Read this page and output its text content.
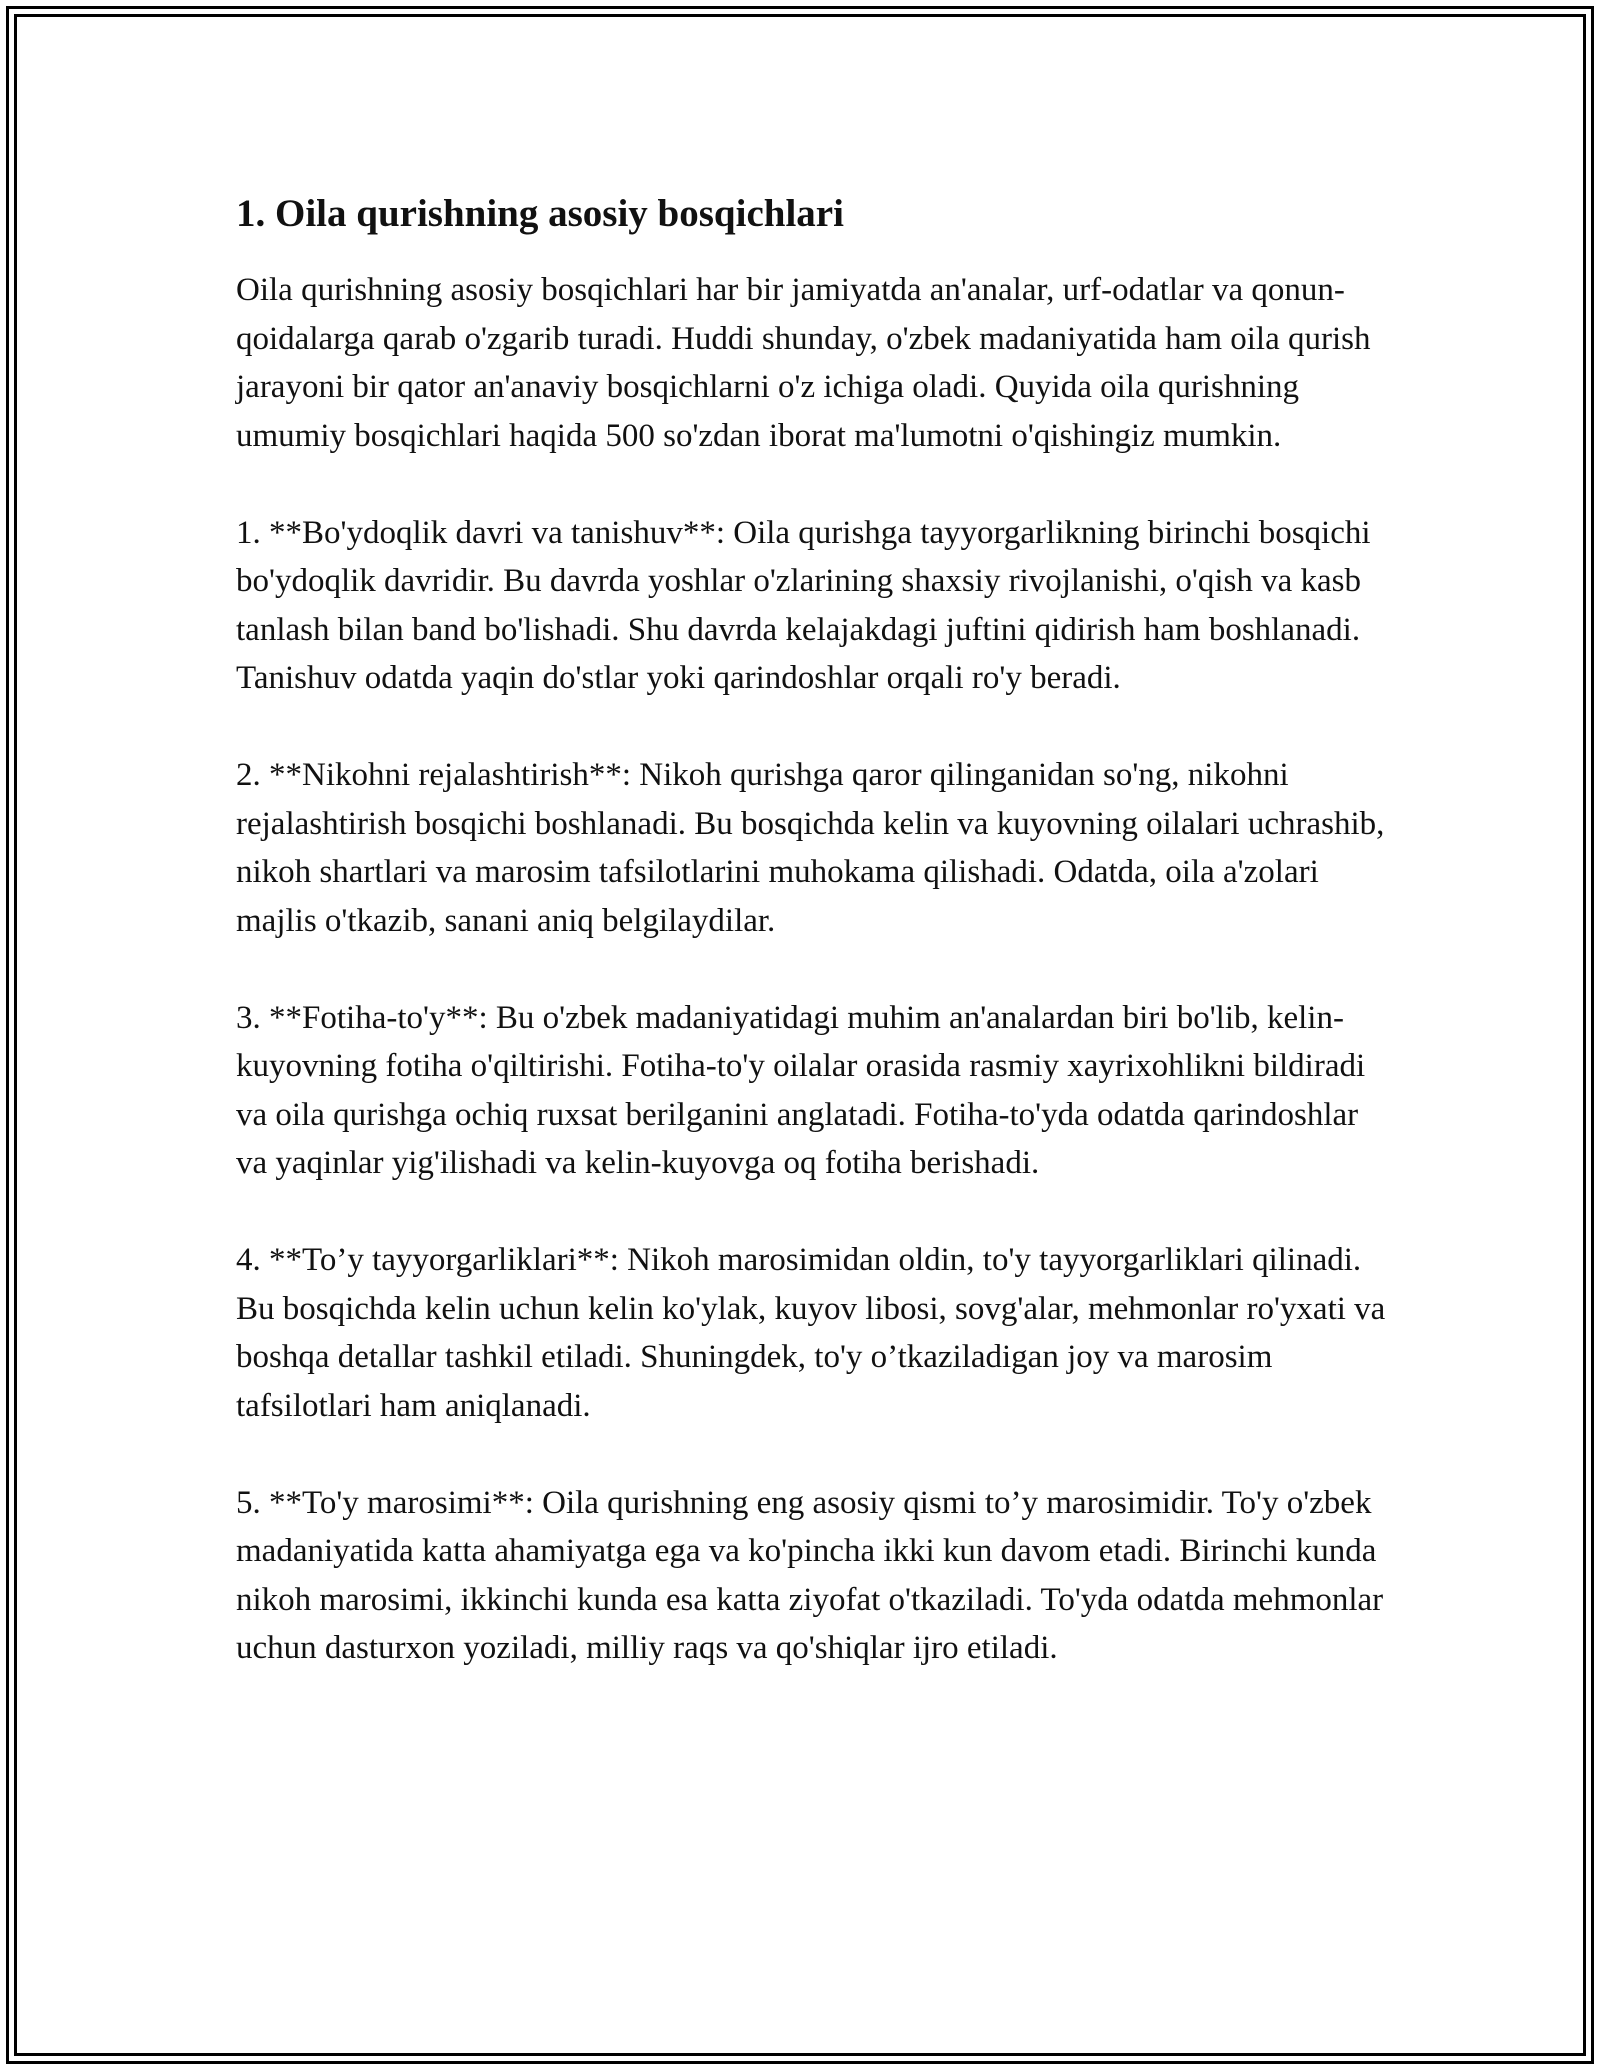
1. Oila qurishning asosiy bosqichlari

Oila qurishning asosiy bosqichlari har bir jamiyatda an'analar, urf-odatlar va qonun-qoidalarga qarab o'zgarib turadi. Huddi shunday, o'zbek madaniyatida ham oila qurish jarayoni bir qator an'anaviy bosqichlarni o'z ichiga oladi. Quyida oila qurishning umumiy bosqichlari haqida 500 so'zdan iborat ma'lumotni o'qishingiz mumkin.

1. **Bo'ydoqlik davri va tanishuv**: Oila qurishga tayyorgarlikning birinchi bosqichi bo'ydoqlik davridir. Bu davrda yoshlar o'zlarining shaxsiy rivojlanishi, o'qish va kasb tanlash bilan band bo'lishadi. Shu davrda kelajakdagi juftini qidirish ham boshlanadi. Tanishuv odatda yaqin do'stlar yoki qarindoshlar orqali ro'y beradi.

2. **Nikohni rejalashtirish**: Nikoh qurishga qaror qilinganidan so'ng, nikohni rejalashtirish bosqichi boshlanadi. Bu bosqichda kelin va kuyovning oilalari uchrashib, nikoh shartlari va marosim tafsilotlarini muhokama qilishadi. Odatda, oila a'zolari majlis o'tkazib, sanani aniq belgilaydilar.

3. **Fotiha-to'y**: Bu o'zbek madaniyatidagi muhim an'analardan biri bo'lib, kelin-kuyovning fotiha o'qiltirishi. Fotiha-to'y oilalar orasida rasmiy xayrixohlikni bildiradi va oila qurishga ochiq ruxsat berilganini anglatadi. Fotiha-to'yda odatda qarindoshlar va yaqinlar yig'ilishadi va kelin-kuyovga oq fotiha berishadi.

4. **To’y tayyorgarliklari**: Nikoh marosimidan oldin, to'y tayyorgarliklari qilinadi. Bu bosqichda kelin uchun kelin ko'ylak, kuyov libosi, sovg'alar, mehmonlar ro'yxati va boshqa detallar tashkil etiladi. Shuningdek, to'y o’tkaziladigan joy va marosim tafsilotlari ham aniqlanadi.

5. **To'y marosimi**: Oila qurishning eng asosiy qismi to’y marosimidir. To'y o'zbek madaniyatida katta ahamiyatga ega va ko'pincha ikki kun davom etadi. Birinchi kunda nikoh marosimi, ikkinchi kunda esa katta ziyofat o'tkaziladi. To'yda odatda mehmonlar uchun dasturxon yoziladi, milliy raqs va qo'shiqlar ijro etiladi.
